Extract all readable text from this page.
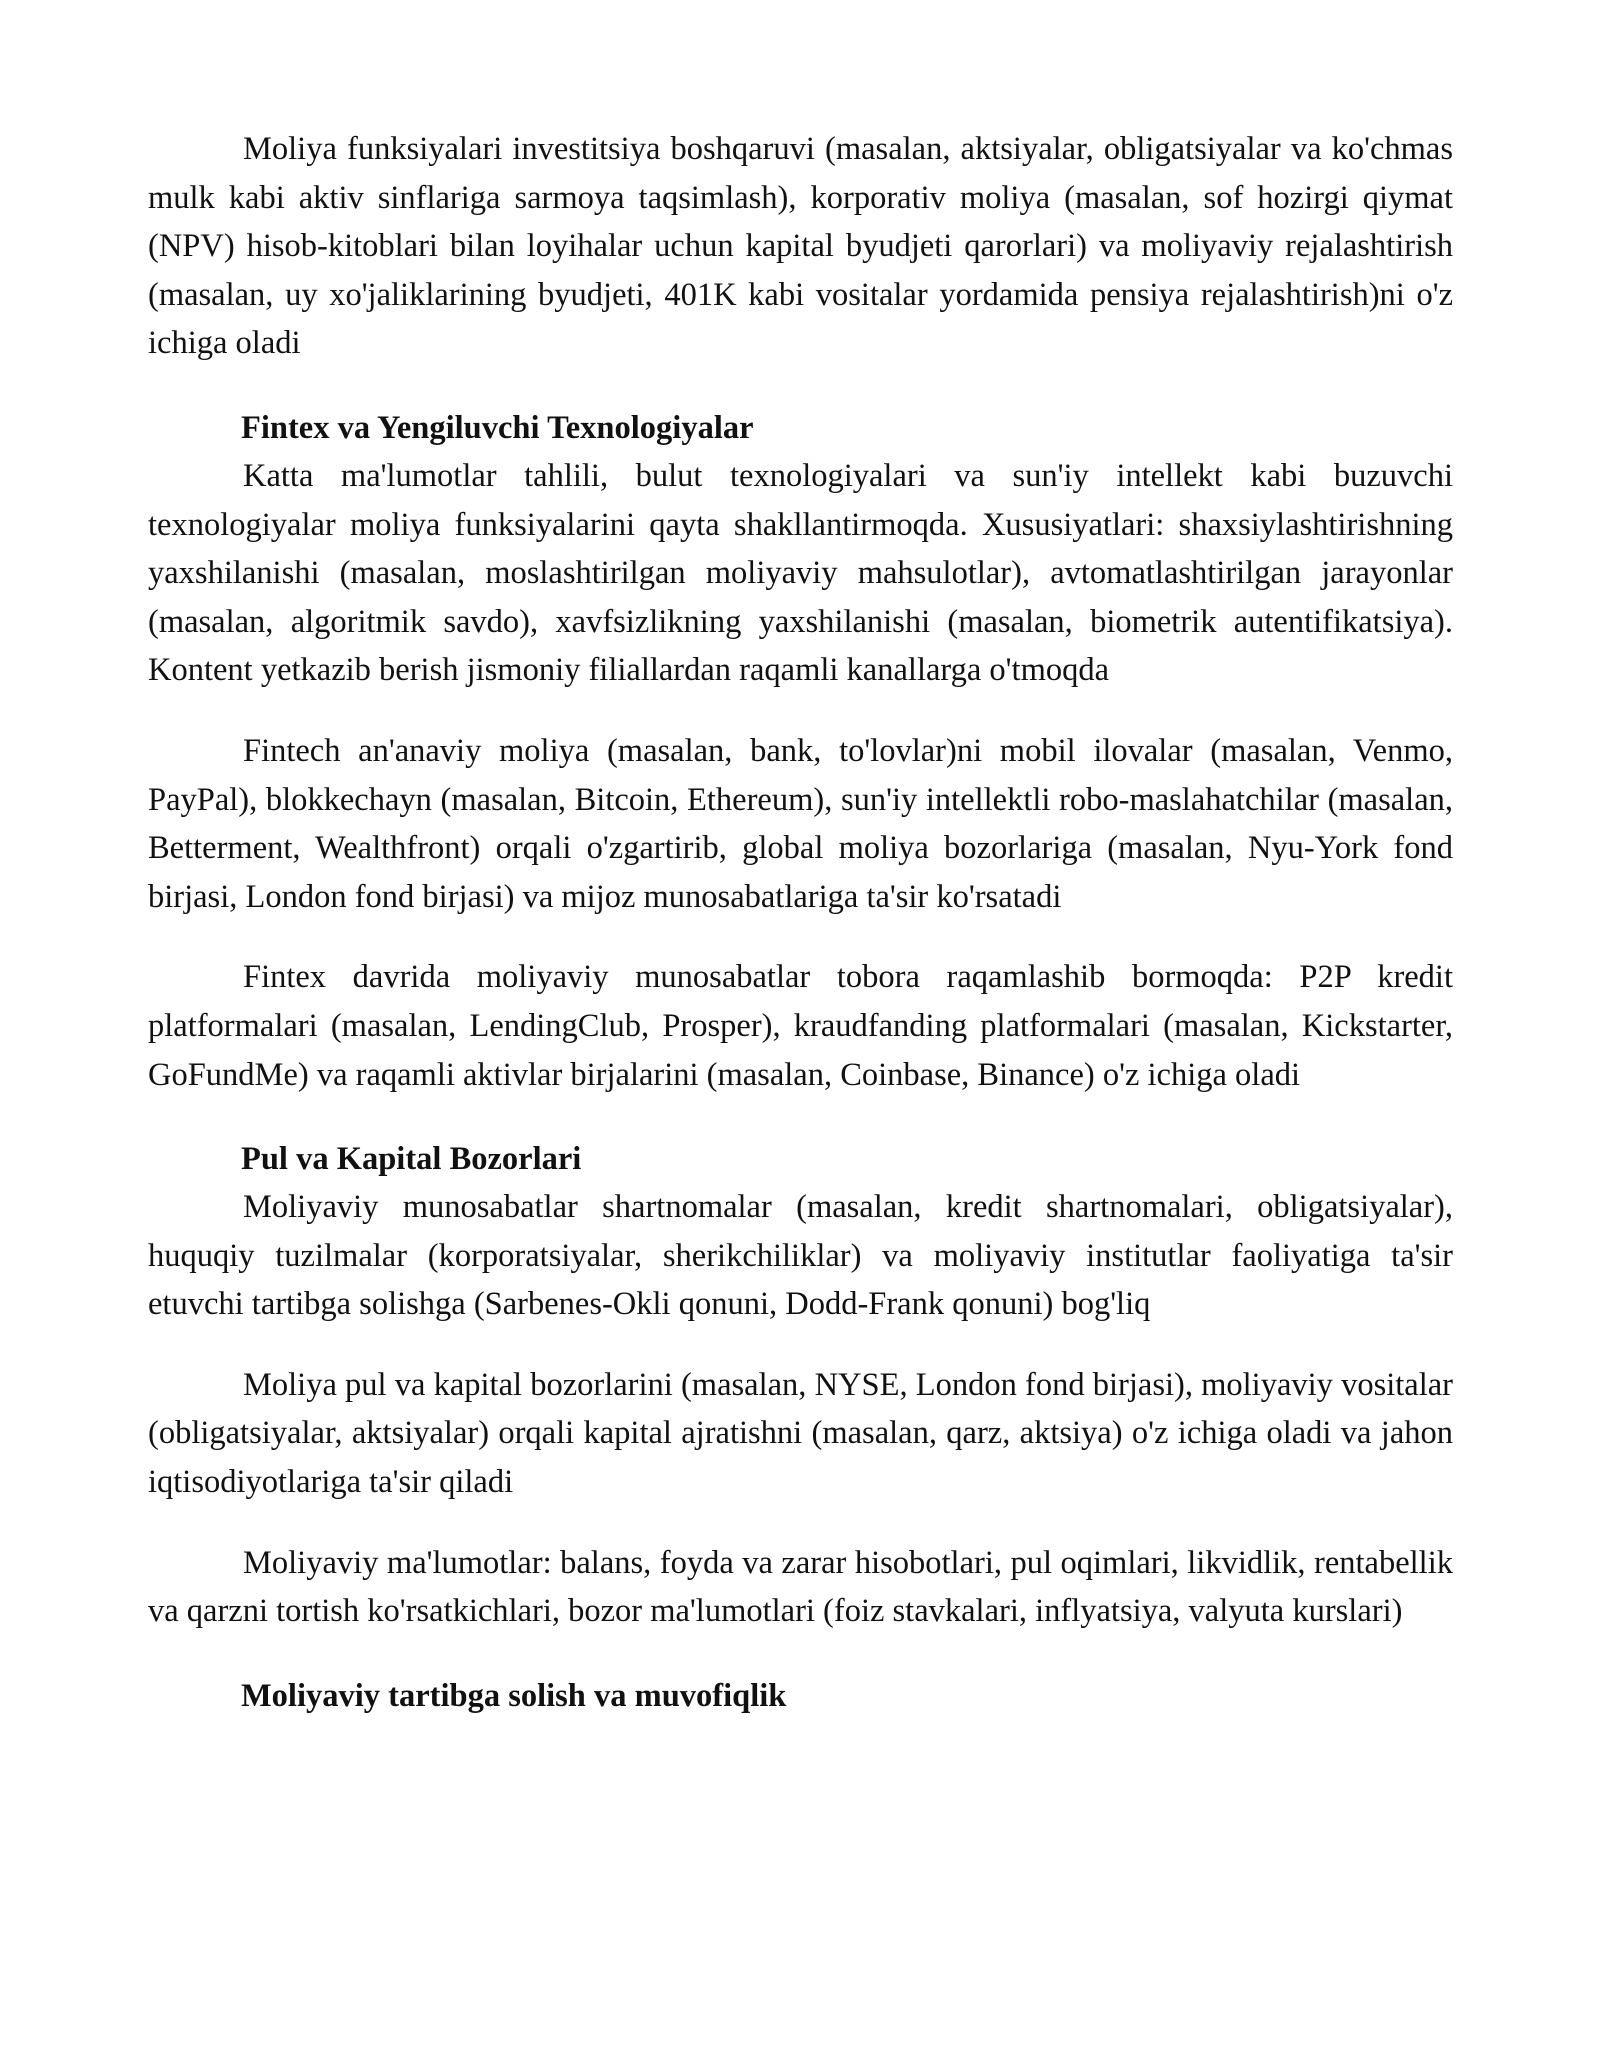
Moliya funksiyalari investitsiya boshqaruvi (masalan, aktsiyalar, obligatsiyalar va ko'chmas mulk kabi aktiv sinflariga sarmoya taqsimlash), korporativ moliya (masalan, sof hozirgi qiymat (NPV) hisob-kitoblari bilan loyihalar uchun kapital byudjeti qarorlari) va moliyaviy rejalashtirish (masalan, uy xo'jaliklarining byudjeti, 401K kabi vositalar yordamida pensiya rejalashtirish)ni o'z ichiga oladi

Fintex va Yengiluvchi Texnologiyalar

Katta ma'lumotlar tahlili, bulut texnologiyalari va sun'iy intellekt kabi buzuvchi texnologiyalar moliya funksiyalarini qayta shakllantirmoqda. Xususiyatlari: shaxsiylashtirishning yaxshilanishi (masalan, moslashtirilgan moliyaviy mahsulotlar), avtomatlashtirilgan jarayonlar (masalan, algoritmik savdo), xavfsizlikning yaxshilanishi (masalan, biometrik autentifikatsiya). Kontent yetkazib berish jismoniy filiallardan raqamli kanallarga o'tmoqda

Fintech an'anaviy moliya (masalan, bank, to'lovlar)ni mobil ilovalar (masalan, Venmo, PayPal), blokkechayn (masalan, Bitcoin, Ethereum), sun'iy intellektli robo-maslahatchilar (masalan, Betterment, Wealthfront) orqali o'zgartirib, global moliya bozorlariga (masalan, Nyu-York fond birjasi, London fond birjasi) va mijoz munosabatlariga ta'sir ko'rsatadi

Fintex davrida moliyaviy munosabatlar tobora raqamlashib bormoqda: P2P kredit platformalari (masalan, LendingClub, Prosper), kraudfanding platformalari (masalan, Kickstarter, GoFundMe) va raqamli aktivlar birjalarini (masalan, Coinbase, Binance) o'z ichiga oladi

Pul va Kapital Bozorlari

Moliyaviy munosabatlar shartnomalar (masalan, kredit shartnomalari, obligatsiyalar), huquqiy tuzilmalar (korporatsiyalar, sherikchiliklar) va moliyaviy institutlar faoliyatiga ta'sir etuvchi tartibga solishga (Sarbenes-Okli qonuni, Dodd-Frank qonuni) bog'liq

Moliya pul va kapital bozorlarini (masalan, NYSE, London fond birjasi), moliyaviy vositalar (obligatsiyalar, aktsiyalar) orqali kapital ajratishni (masalan, qarz, aktsiya) o'z ichiga oladi va jahon iqtisodiyotlariga ta'sir qiladi

Moliyaviy ma'lumotlar: balans, foyda va zarar hisobotlari, pul oqimlari, likvidlik, rentabellik va qarzni tortish ko'rsatkichlari, bozor ma'lumotlari (foiz stavkalari, inflyatsiya, valyuta kurslari)

Moliyaviy tartibga solish va muvofiqlik
